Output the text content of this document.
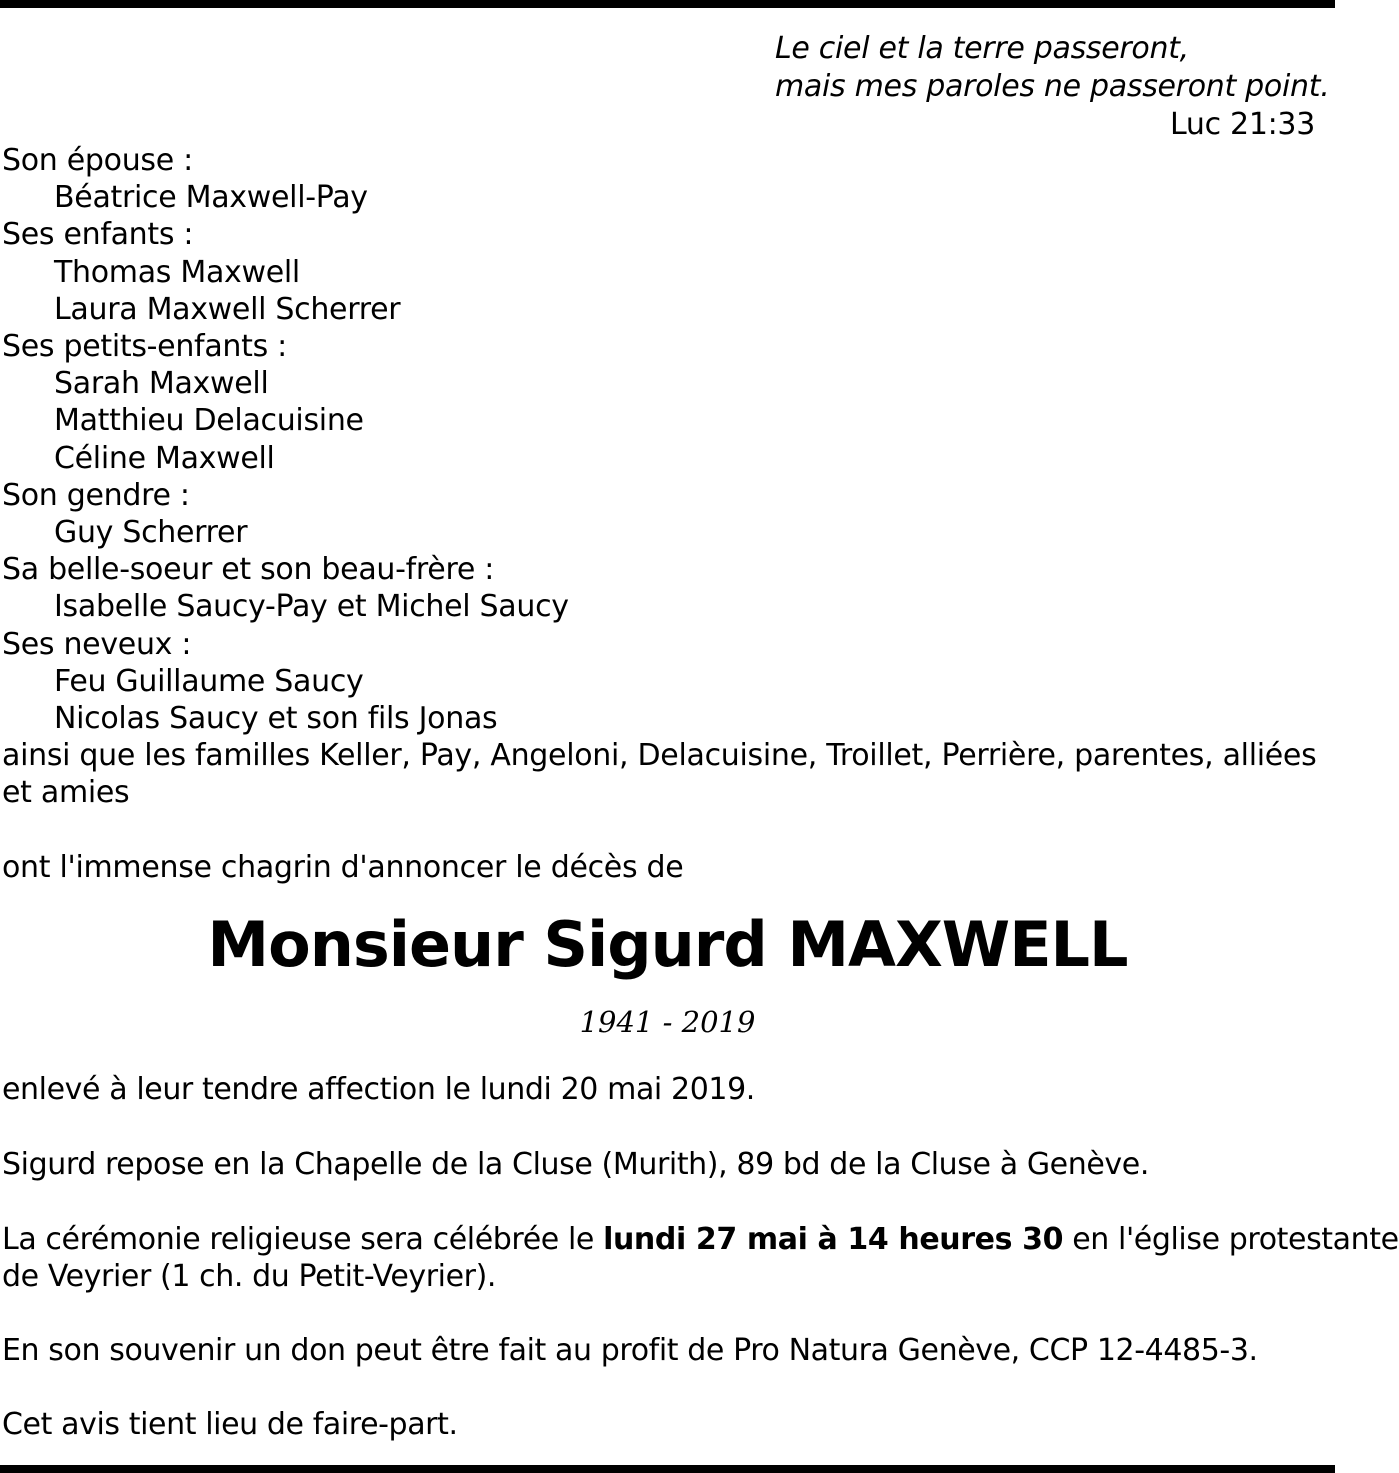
Le ciel et la terre passeront,
mais mes paroles ne passeront point.
Luc 21:33
Son épouse :
Béatrice Maxwell-Pay
Ses enfants :
Thomas Maxwell
Laura Maxwell Scherrer
Ses petits-enfants :
Sarah Maxwell
Matthieu Delacuisine
Céline Maxwell
Son gendre :
Guy Scherrer
Sa belle-soeur et son beau-frère :
Isabelle Saucy-Pay et Michel Saucy
Ses neveux :
Feu Guillaume Saucy
Nicolas Saucy et son fils Jonas
ainsi que les familles Keller, Pay, Angeloni, Delacuisine, Troillet, Perrière, parentes, alliées et amies
ont l'immense chagrin d'annoncer le décès de
Monsieur Sigurd MAXWELL
1941 - 2019
enlevé à leur tendre affection le lundi 20 mai 2019.
Sigurd repose en la Chapelle de la Cluse (Murith), 89 bd de la Cluse à Genève.
La cérémonie religieuse sera célébrée le lundi 27 mai à 14 heures 30 en l'église protestante
de Veyrier (1 ch. du Petit-Veyrier).
En son souvenir un don peut être fait au profit de Pro Natura Genève, CCP 12-4485-3.
Cet avis tient lieu de faire-part.
